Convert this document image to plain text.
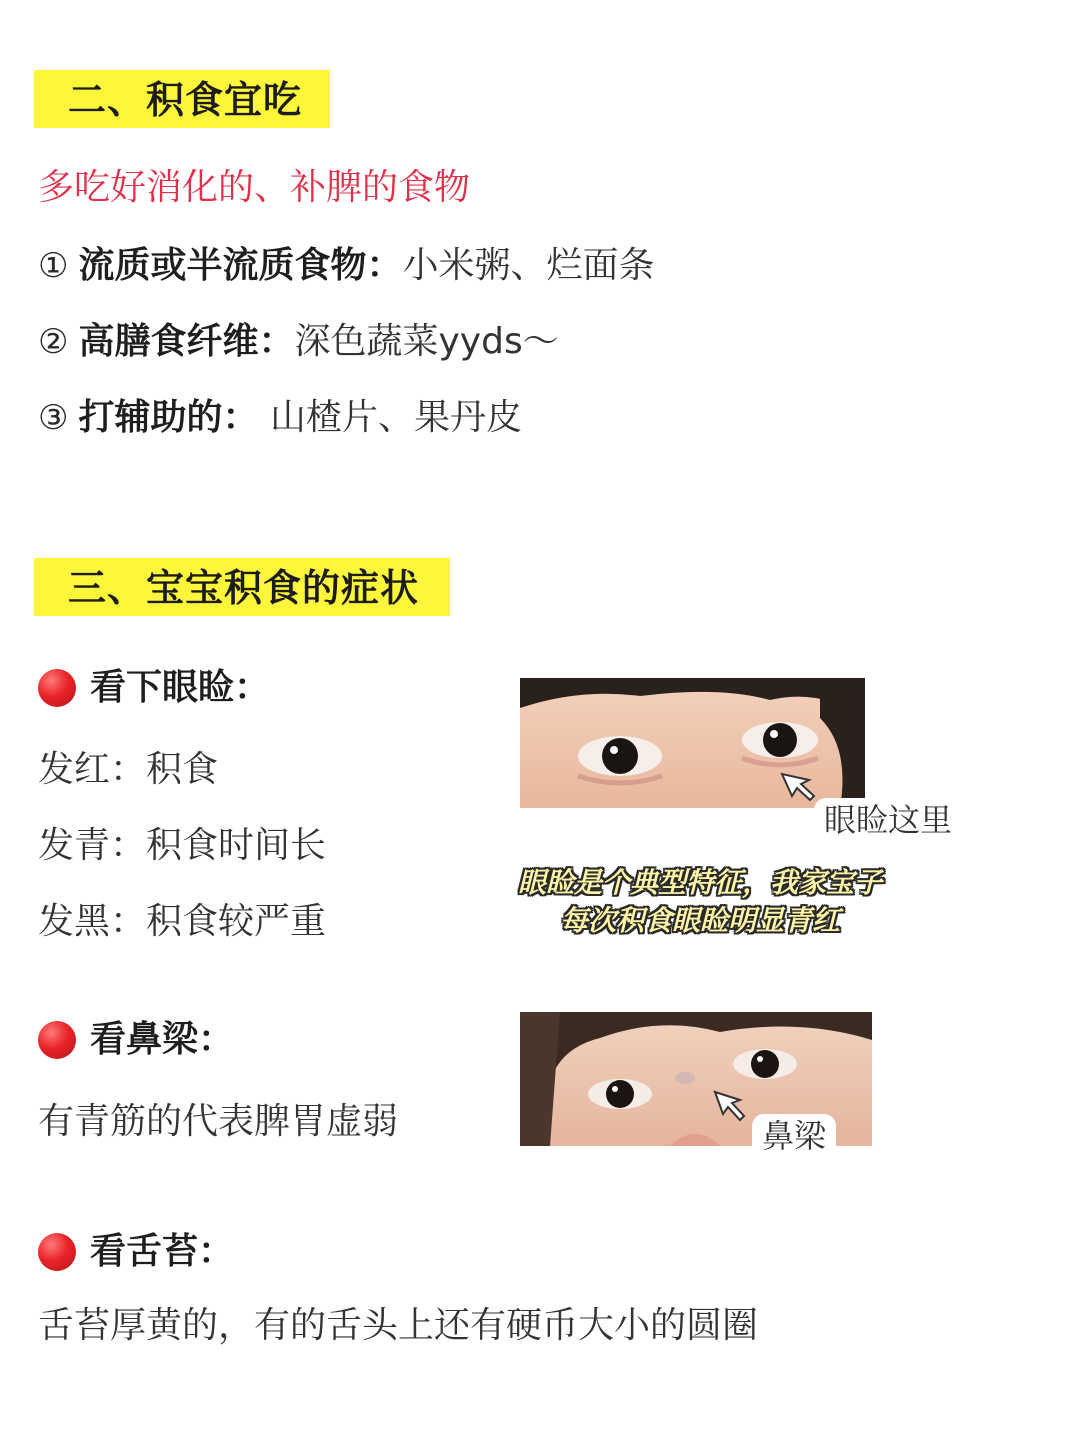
二、积食宜吃
多吃好消化的、补脾的食物
① 流质或半流质食物：小米粥、烂面条
② 高膳食纤维：深色蔬菜yyds～
③ 打辅助的： 山楂片、果丹皮
三、宝宝积食的症状
看下眼睑：
发红：积食
发青：积食时间长
发黑：积食较严重
眼睑这里
眼睑是个典型特征，我家宝子
每次积食眼睑明显青红
看鼻梁：
有青筋的代表脾胃虚弱	鼻梁
看舌苔：
舌苔厚黄的，有的舌头上还有硬币大小的圆圈
